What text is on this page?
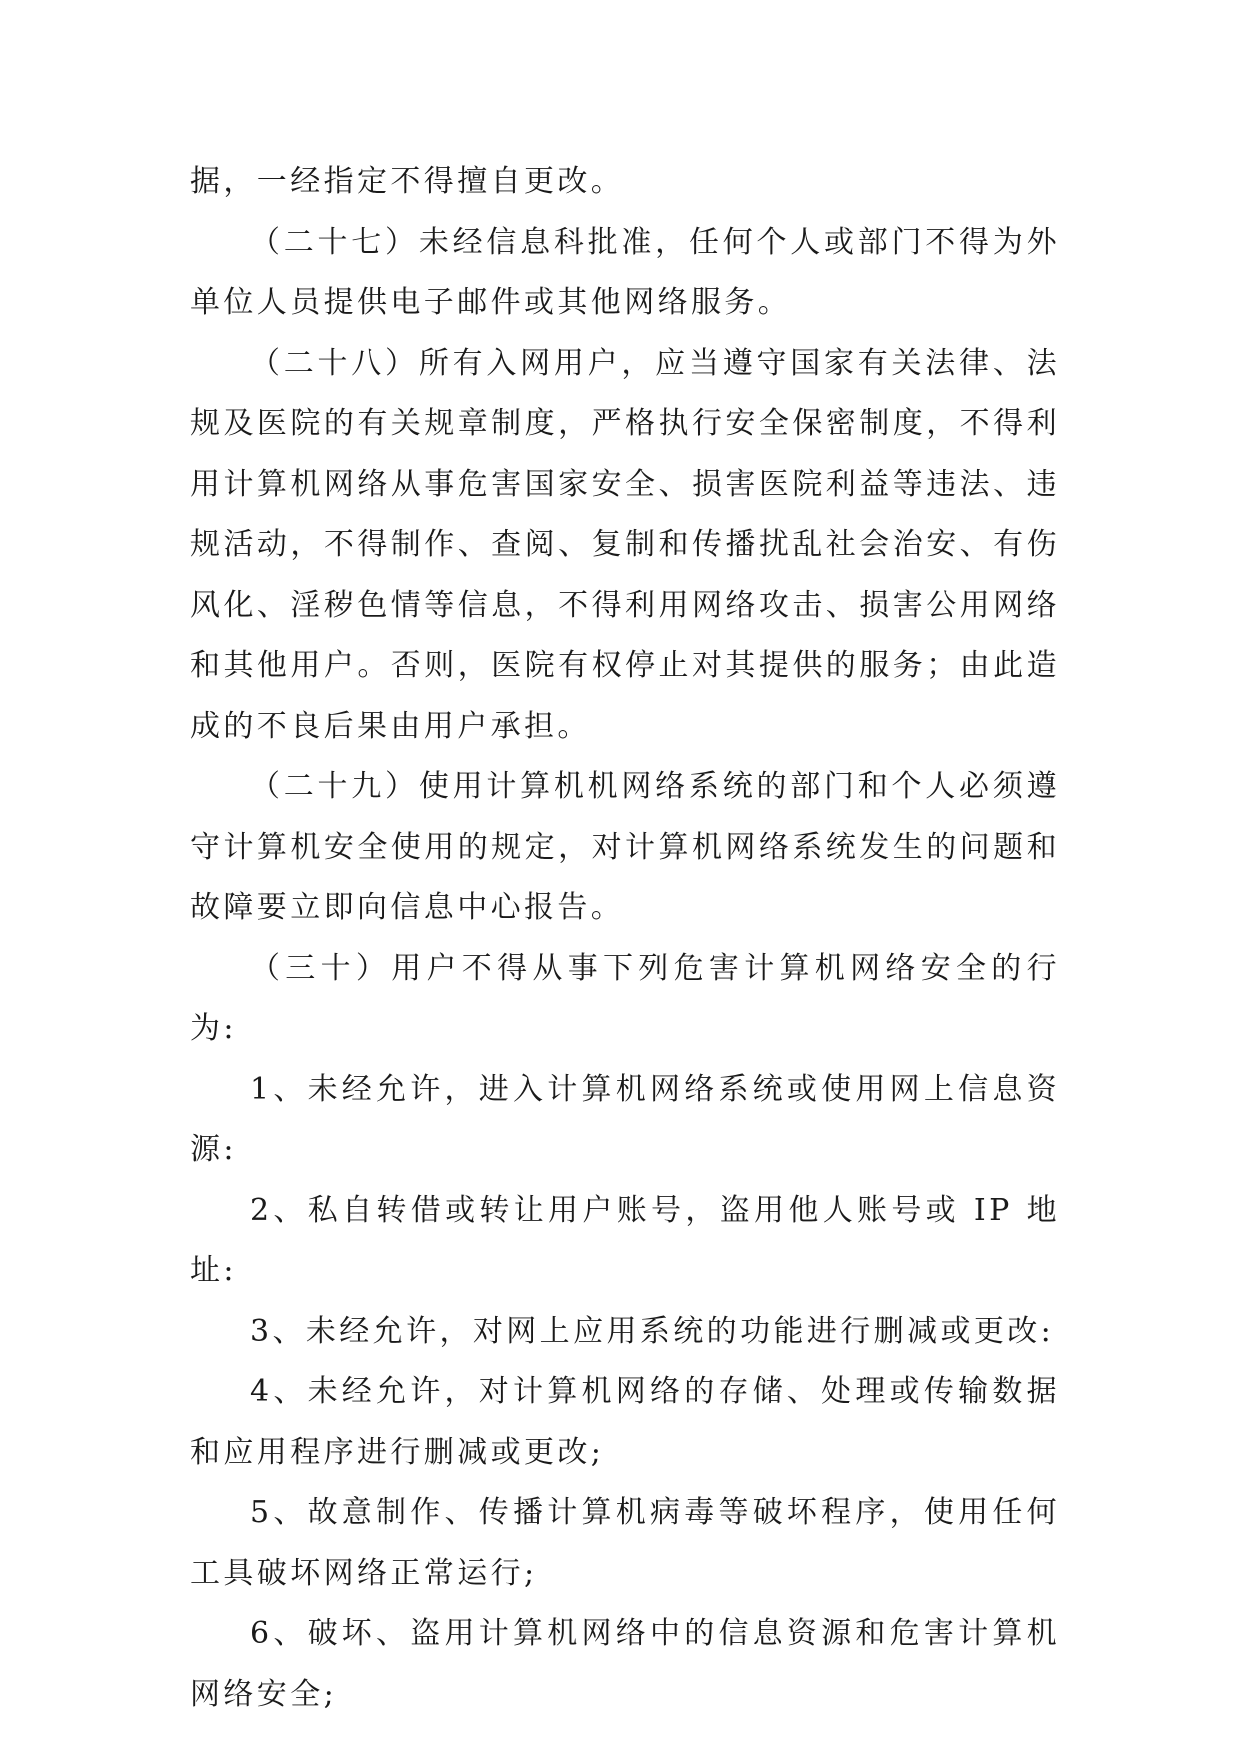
据，一经指定不得擅自更改。

（二十七）未经信息科批准，任何个人或部门不得为外单位人员提供电子邮件或其他网络服务。

（二十八）所有入网用户，应当遵守国家有关法律、法规及医院的有关规章制度，严格执行安全保密制度，不得利用计算机网络从事危害国家安全、损害医院利益等违法、违规活动，不得制作、查阅、复制和传播扰乱社会治安、有伤风化、淫秽色情等信息，不得利用网络攻击、损害公用网络和其他用户。否则，医院有权停止对其提供的服务；由此造成的不良后果由用户承担。

（二十九）使用计算机机网络系统的部门和个人必须遵守计算机安全使用的规定，对计算机网络系统发生的问题和故障要立即向信息中心报告。

（三十）用户不得从事下列危害计算机网络安全的行为:

1、未经允许，进入计算机网络系统或使用网上信息资源:

2、私自转借或转让用户账号，盗用他人账号或 IP 地址:

3、未经允许，对网上应用系统的功能进行删减或更改:

4、未经允许，对计算机网络的存储、处理或传输数据和应用程序进行删减或更改;

5、故意制作、传播计算机病毒等破坏程序，使用任何工具破坏网络正常运行;

6、破坏、盗用计算机网络中的信息资源和危害计算机网络安全;
